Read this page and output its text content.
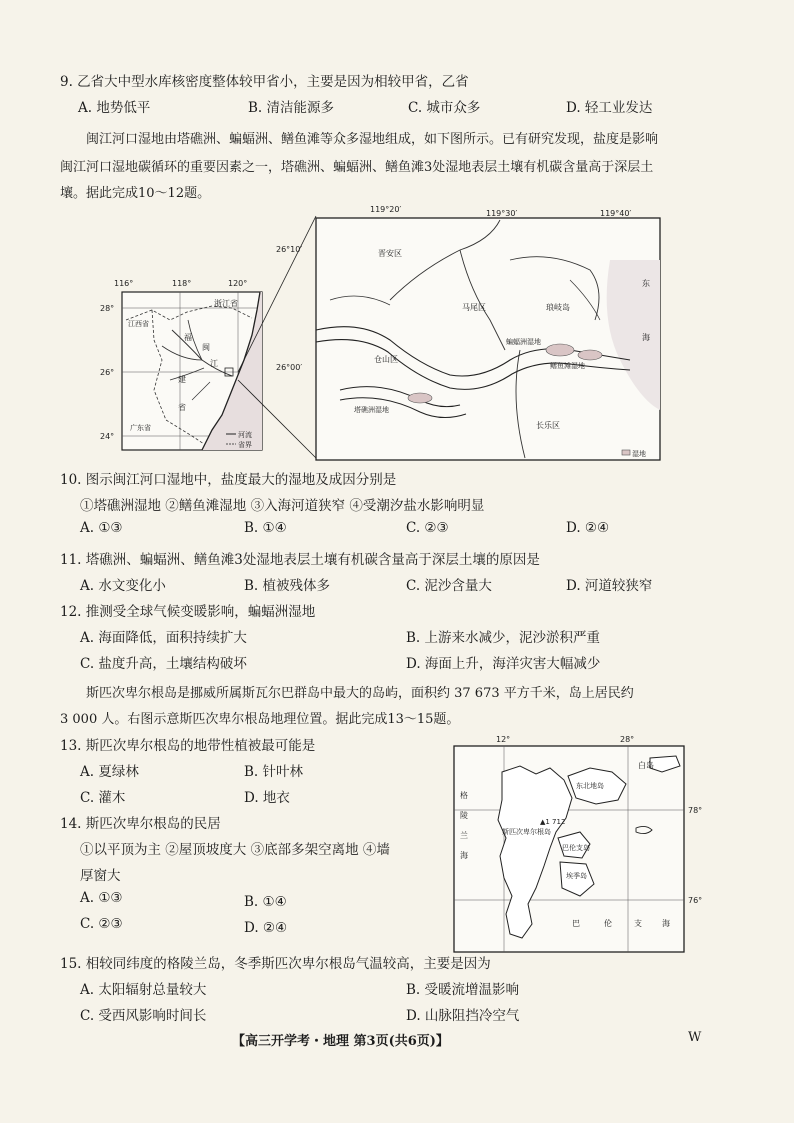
9. 乙省大中型水库核密度整体较甲省小，主要是因为相较甲省，乙省
A. 地势低平	B. 清洁能源多	C. 城市众多	D. 轻工业发达
闽江河口湿地由塔礁洲、蝙蝠洲、鳝鱼滩等众多湿地组成，如下图所示。已有研究发现，盐度是影响
闽江河口湿地碳循环的重要因素之一，塔礁洲、蝙蝠洲、鳝鱼滩3处湿地表层土壤有机碳含量高于深层土
壤。据此完成10～12题。
116°	118°	120°
28°
26°
24°
浙江省
江西省
福
建
省
闽
江
广东省
河流
省界
119°20′	119°30′	119°40′
26°10′
26°00′
晋安区
马尾区	琅岐岛
仓山区
长乐区
蝙蝠洲湿地
鳝鱼滩湿地
塔礁洲湿地
东
海
湿地
10. 图示闽江河口湿地中，盐度最大的湿地及成因分别是
①塔礁洲湿地 ②鳝鱼滩湿地 ③入海河道狭窄 ④受潮汐盐水影响明显
A. ①③	B. ①④	C. ②③	D. ②④
11. 塔礁洲、蝙蝠洲、鳝鱼滩3处湿地表层土壤有机碳含量高于深层土壤的原因是
A. 水文变化小	B. 植被残体多	C. 泥沙含量大	D. 河道较狭窄
12. 推测受全球气候变暖影响，蝙蝠洲湿地
A. 海面降低，面积持续扩大	B. 上游来水减少，泥沙淤积严重
C. 盐度升高，土壤结构破坏	D. 海面上升，海洋灾害大幅减少
斯匹次卑尔根岛是挪威所属斯瓦尔巴群岛中最大的岛屿，面积约 37 673 平方千米，岛上居民约
3 000 人。右图示意斯匹次卑尔根岛地理位置。据此完成13～15题。
13. 斯匹次卑尔根岛的地带性植被最可能是
A. 夏绿林	B. 针叶林
C. 灌木	D. 地衣
14. 斯匹次卑尔根岛的民居
①以平顶为主 ②屋顶坡度大 ③底部多架空离地 ④墙
厚窗大
A. ①③	B. ①④
C. ②③	D. ②④
12°	28°
78°
76°
白岛
东北地岛
格
陵
兰
海
斯匹次卑尔根岛
▲1 712
巴伦支岛
埃季岛
巴	伦	支	海
15. 相较同纬度的格陵兰岛，冬季斯匹次卑尔根岛气温较高，主要是因为
A. 太阳辐射总量较大	B. 受暖流增温影响
C. 受西风影响时间长	D. 山脉阻挡冷空气
【高三开学考・地理 第3页(共6页)】	W
